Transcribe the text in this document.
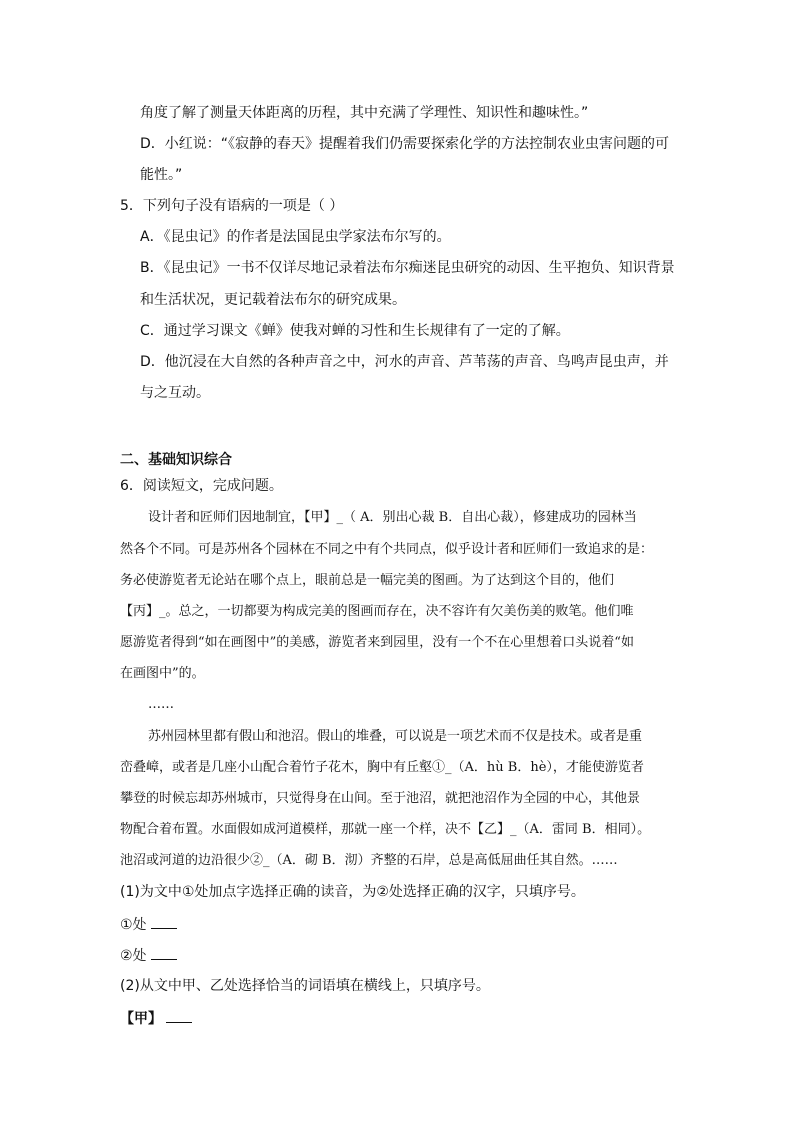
角度了解了测量天体距离的历程，其中充满了学理性、知识性和趣味性。”
D．小红说：“《寂静的春天》提醒着我们仍需要探索化学的方法控制农业虫害问题的可
能性。”
5．下列句子没有语病的一项是（ ）
A．《昆虫记》的作者是法国昆虫学家法布尔写的。
B．《昆虫记》一书不仅详尽地记录着法布尔痴迷昆虫研究的动因、生平抱负、知识背景
和生活状况，更记载着法布尔的研究成果。
C．通过学习课文《蝉》使我对蝉的习性和生长规律有了一定的了解。
D．他沉浸在大自然的各种声音之中，河水的声音、芦苇荡的声音、鸟鸣声昆虫声，并
与之互动。
二、基础知识综合
6．阅读短文，完成问题。
设计者和匠师们因地制宜，【甲】_（ A．别出心裁 B．自出心裁），修建成功的园林当
然各个不同。可是苏州各个园林在不同之中有个共同点，似乎设计者和匠师们一致追求的是：
务必使游览者无论站在哪个点上，眼前总是一幅完美的图画。为了达到这个目的，他们
【丙】_。总之，一切都要为构成完美的图画而存在，决不容许有欠美伤美的败笔。他们唯
愿游览者得到“如在画图中”的美感，游览者来到园里，没有一个不在心里想着口头说着“如
在画图中”的。
……
苏州园林里都有假山和池沼。假山的堆叠，可以说是一项艺术而不仅是技术。或者是重
峦叠嶂，或者是几座小山配合着竹子花木，胸中有丘壑①_（A．hù B．hè），才能使游览者
攀登的时候忘却苏州城市，只觉得身在山间。至于池沼，就把池沼作为全园的中心，其他景
物配合着布置。水面假如成河道模样，那就一座一个样，决不【乙】_（A．雷同 B．相同）。
池沼或河道的边沿很少②_（A．砌 B．沏）齐整的石岸，总是高低屈曲任其自然。……
(1)为文中①处加点字选择正确的读音，为②处选择正确的汉字，只填序号。
①处
②处
(2)从文中甲、乙处选择恰当的词语填在横线上，只填序号。
【甲】
